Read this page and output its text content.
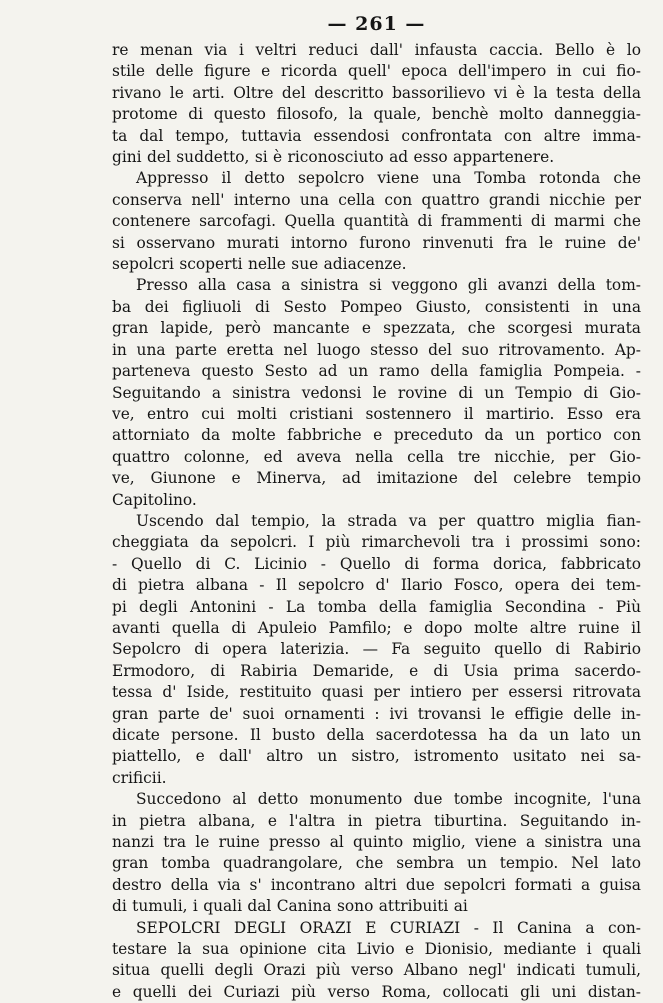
— 261 —
re menan via i veltri reduci dall' infausta caccia. Bello è lo
stile delle figure e ricorda quell' epoca dell'impero in cui fio-
rivano le arti. Oltre del descritto bassorilievo vi è la testa della
protome di questo filosofo, la quale, benchè molto danneggia-
ta dal tempo, tuttavia essendosi confrontata con altre imma-
gini del suddetto, si è riconosciuto ad esso appartenere.
Appresso il detto sepolcro viene una Tomba rotonda che
conserva nell' interno una cella con quattro grandi nicchie per
contenere sarcofagi. Quella quantità di frammenti di marmi che
si osservano murati intorno furono rinvenuti fra le ruine de'
sepolcri scoperti nelle sue adiacenze.
Presso alla casa a sinistra si veggono gli avanzi della tom-
ba dei figliuoli di Sesto Pompeo Giusto, consistenti in una
gran lapide, però mancante e spezzata, che scorgesi murata
in una parte eretta nel luogo stesso del suo ritrovamento. Ap-
parteneva questo Sesto ad un ramo della famiglia Pompeia. -
Seguitando a sinistra vedonsi le rovine di un Tempio di Gio-
ve, entro cui molti cristiani sostennero il martirio. Esso era
attorniato da molte fabbriche e preceduto da un portico con
quattro colonne, ed aveva nella cella tre nicchie, per Gio-
ve, Giunone e Minerva, ad imitazione del celebre tempio
Capitolino.
Uscendo dal tempio, la strada va per quattro miglia fian-
cheggiata da sepolcri. I più rimarchevoli tra i prossimi sono:
- Quello di C. Licinio - Quello di forma dorica, fabbricato
di pietra albana - Il sepolcro d' Ilario Fosco, opera dei tem-
pi degli Antonini - La tomba della famiglia Secondina - Più
avanti quella di Apuleio Pamfilo; e dopo molte altre ruine il
Sepolcro di opera laterizia. — Fa seguito quello di Rabirio
Ermodoro, di Rabiria Demaride, e di Usia prima sacerdo-
tessa d' Iside, restituito quasi per intiero per essersi ritrovata
gran parte de' suoi ornamenti : ivi trovansi le effigie delle in-
dicate persone. Il busto della sacerdotessa ha da un lato un
piattello, e dall' altro un sistro, istromento usitato nei sa-
crificii.
Succedono al detto monumento due tombe incognite, l'una
in pietra albana, e l'altra in pietra tiburtina. Seguitando in-
nanzi tra le ruine presso al quinto miglio, viene a sinistra una
gran tomba quadrangolare, che sembra un tempio. Nel lato
destro della via s' incontrano altri due sepolcri formati a guisa
di tumuli, i quali dal Canina sono attribuiti ai
SEPOLCRI DEGLI ORAZI E CURIAZI - Il Canina a con-
testare la sua opinione cita Livio e Dionisio, mediante i quali
situa quelli degli Orazi più verso Albano negl' indicati tumuli,
e quelli dei Curiazi più verso Roma, collocati gli uni distan-
